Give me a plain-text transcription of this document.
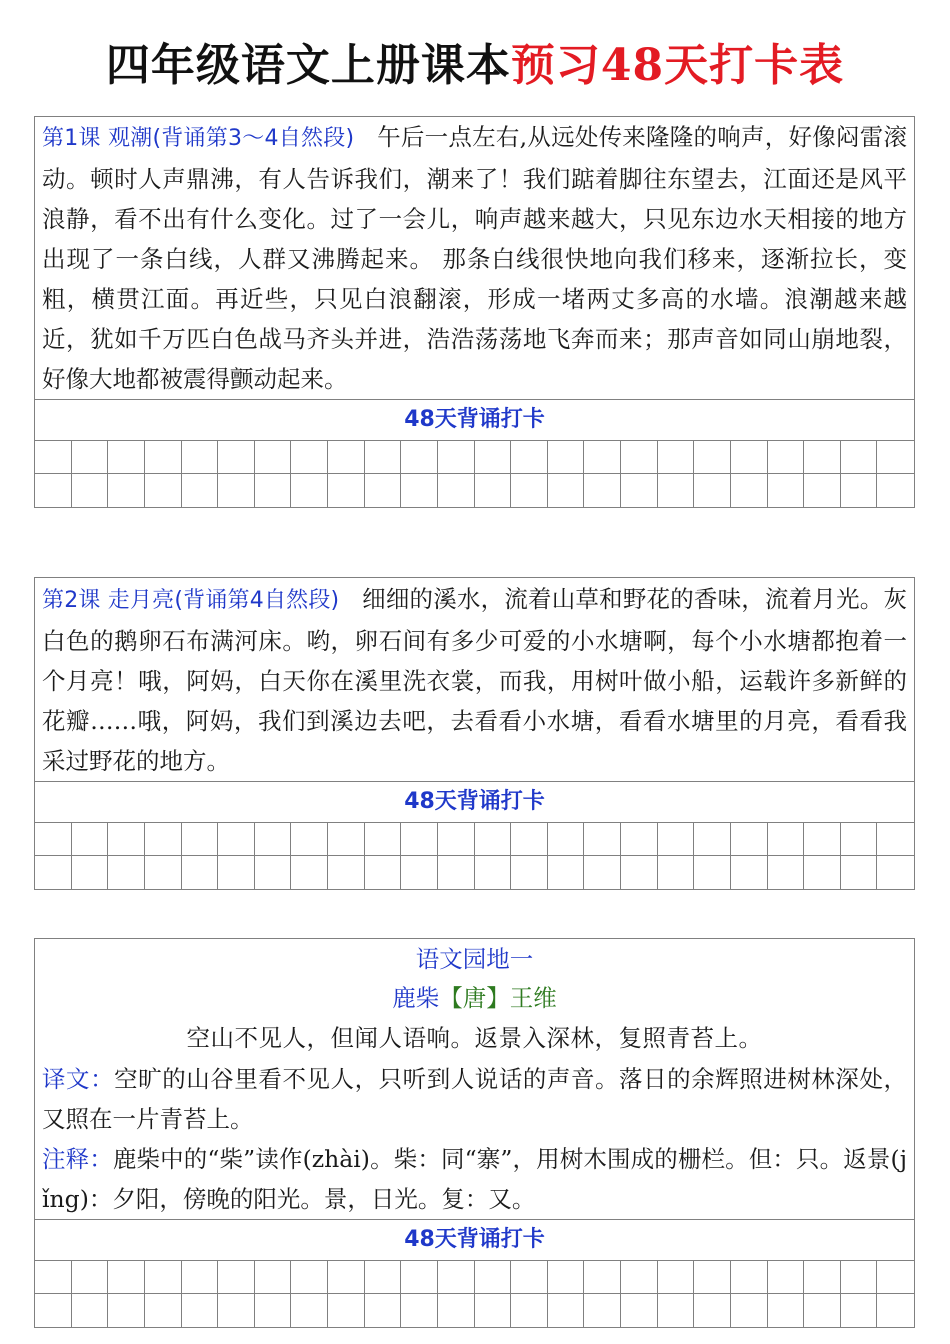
四年级语文上册课本预习48天打卡表
第1课 观潮(背诵第3～4自然段) 午后一点左右,从远处传来隆隆的响声，好像闷雷滚动。顿时人声鼎沸，有人告诉我们，潮来了！我们踮着脚往东望去，江面还是风平浪静，看不出有什么变化。过了一会儿，响声越来越大，只见东边水天相接的地方出现了一条白线，人群又沸腾起来。 那条白线很快地向我们移来，逐渐拉长，变粗，横贯江面。再近些，只见白浪翻滚，形成一堵两丈多高的水墙。浪潮越来越近，犹如千万匹白色战马齐头并进，浩浩荡荡地飞奔而来；那声音如同山崩地裂，好像大地都被震得颤动起来。
48天背诵打卡
第2课 走月亮(背诵第4自然段) 细细的溪水，流着山草和野花的香味，流着月光。灰白色的鹅卵石布满河床。哟，卵石间有多少可爱的小水塘啊，每个小水塘都抱着一个月亮！哦，阿妈，白天你在溪里洗衣裳，而我，用树叶做小船，运载许多新鲜的花瓣……哦，阿妈，我们到溪边去吧，去看看小水塘，看看水塘里的月亮，看看我采过野花的地方。
48天背诵打卡
语文园地一
鹿柴【唐】王维
空山不见人，但闻人语响。返景入深林，复照青苔上。
译文：空旷的山谷里看不见人，只听到人说话的声音。落日的余辉照进树林深处，又照在一片青苔上。
注释：鹿柴中的“柴”读作(zhài)。柴：同“寨”，用树木围成的栅栏。但：只。返景(jǐng)：夕阳，傍晚的阳光。景，日光。复：又。
48天背诵打卡
